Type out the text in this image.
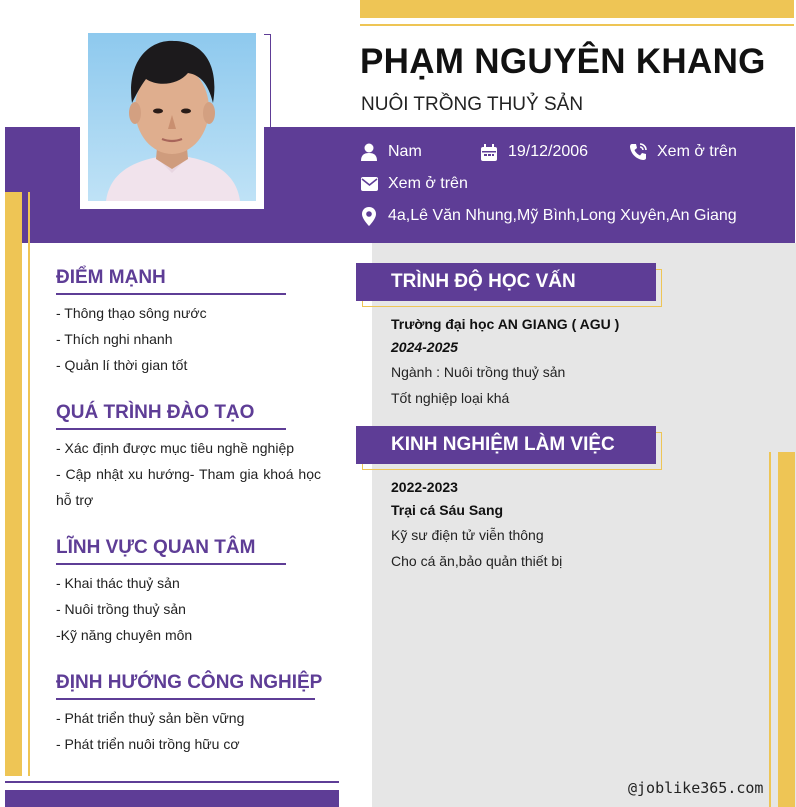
PHẠM NGUYÊN KHANG
NUÔI TRỒNG THUỶ SẢN
Nam	19/12/2006	Xem ở trên
Xem ở trên
4a,Lê Văn Nhung,Mỹ Bình,Long Xuyên,An Giang
ĐIỂM MẠNH
- Thông thạo sông nước
- Thích nghi nhanh
- Quản lí thời gian tốt
QUÁ TRÌNH ĐÀO TẠO
- Xác định được mục tiêu nghề nghiệp
- Cập nhật xu hướng- Tham gia khoá học hỗ trợ
LĨNH VỰC QUAN TÂM
- Khai thác thuỷ sản
- Nuôi trồng thuỷ sản
-Kỹ năng chuyên môn
ĐỊNH HƯỚNG CÔNG NGHIỆP
- Phát triển thuỷ sản bền vững
- Phát triển nuôi trồng hữu cơ
TRÌNH ĐỘ HỌC VẤN
Trường đại học AN GIANG ( AGU )
2024-2025
Ngành : Nuôi trồng thuỷ sản
Tốt nghiệp loại khá
KINH NGHIỆM LÀM VIỆC
2022-2023
Trại cá Sáu Sang
Kỹ sư điện tử viễn thông
Cho cá ăn,bảo quản thiết bị
@joblike365.com
